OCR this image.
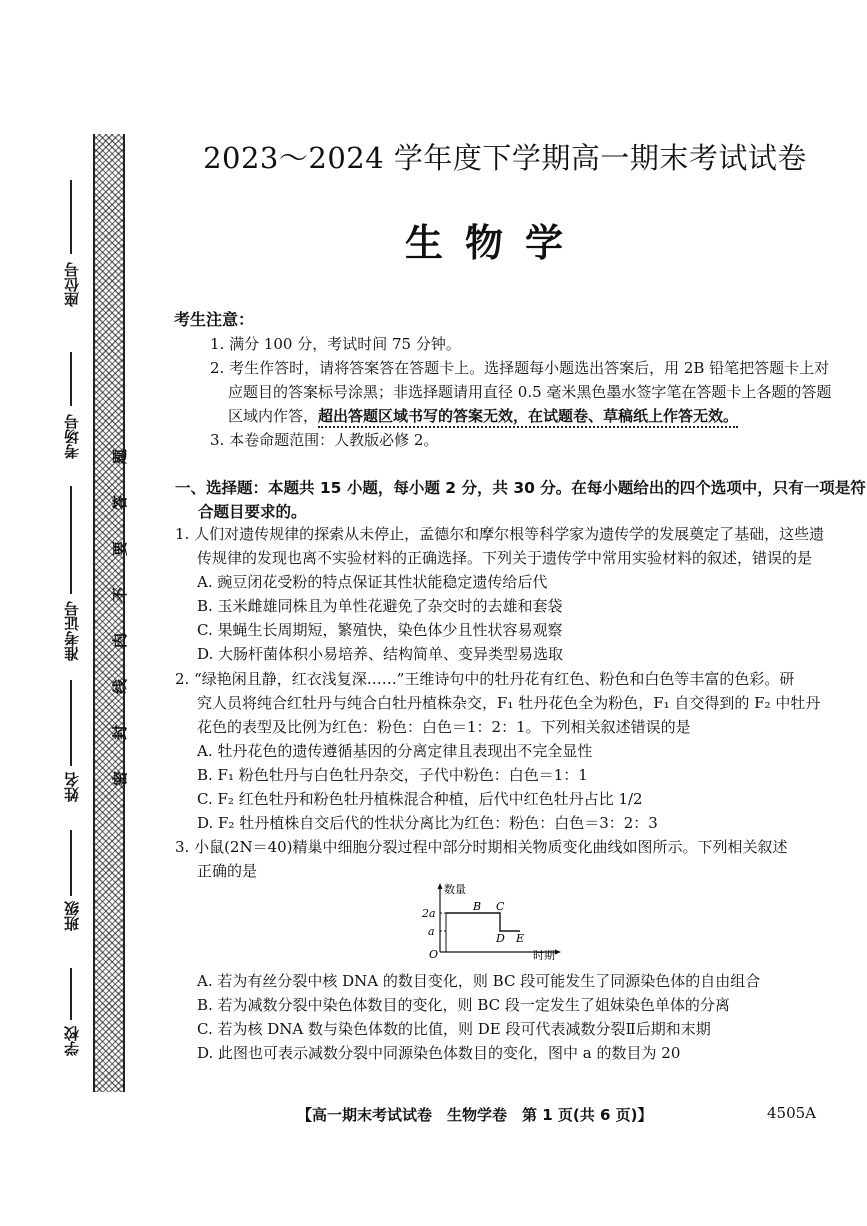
座位号
考场号
准考证号
姓名
班级
学校
题
答
要
不
内
线
封
密
2023～2024 学年度下学期高一期末考试试卷
生物学
考生注意：
1. 满分 100 分，考试时间 75 分钟。
2. 考生作答时，请将答案答在答题卡上。选择题每小题选出答案后，用 2B 铅笔把答题卡上对
应题目的答案标号涂黑；非选择题请用直径 0.5 毫米黑色墨水签字笔在答题卡上各题的答题
区域内作答，超出答题区域书写的答案无效，在试题卷、草稿纸上作答无效。
3. 本卷命题范围：人教版必修 2。
一、选择题：本题共 15 小题，每小题 2 分，共 30 分。在每小题给出的四个选项中，只有一项是符
合题目要求的。
1. 人们对遗传规律的探索从未停止，孟德尔和摩尔根等科学家为遗传学的发展奠定了基础，这些遗
传规律的发现也离不实验材料的正确选择。下列关于遗传学中常用实验材料的叙述，错误的是
A. 豌豆闭花受粉的特点保证其性状能稳定遗传给后代
B. 玉米雌雄同株且为单性花避免了杂交时的去雄和套袋
C. 果蝇生长周期短，繁殖快，染色体少且性状容易观察
D. 大肠杆菌体积小易培养、结构简单、变异类型易选取
2. “绿艳闲且静，红衣浅复深……”王维诗句中的牡丹花有红色、粉色和白色等丰富的色彩。研
究人员将纯合红牡丹与纯合白牡丹植株杂交，F₁ 牡丹花色全为粉色，F₁ 自交得到的 F₂ 中牡丹
花色的表型及比例为红色：粉色：白色＝1：2：1。下列相关叙述错误的是
A. 牡丹花色的遗传遵循基因的分离定律且表现出不完全显性
B. F₁ 粉色牡丹与白色牡丹杂交，子代中粉色：白色＝1：1
C. F₂ 红色牡丹和粉色牡丹植株混合种植，后代中红色牡丹占比 1/2
D. F₂ 牡丹植株自交后代的性状分离比为红色：粉色：白色＝3：2：3
3. 小鼠(2N＝40)精巢中细胞分裂过程中部分时期相关物质变化曲线如图所示。下列相关叙述
正确的是
数量
时期
O
2a
a
B C
D E
A. 若为有丝分裂中核 DNA 的数目变化，则 BC 段可能发生了同源染色体的自由组合
B. 若为减数分裂中染色体数目的变化，则 BC 段一定发生了姐妹染色单体的分离
C. 若为核 DNA 数与染色体数的比值，则 DE 段可代表减数分裂Ⅱ后期和末期
D. 此图也可表示减数分裂中同源染色体数目的变化，图中 a 的数目为 20
【高一期末考试试卷　生物学卷　第 1 页(共 6 页)】	4505A
